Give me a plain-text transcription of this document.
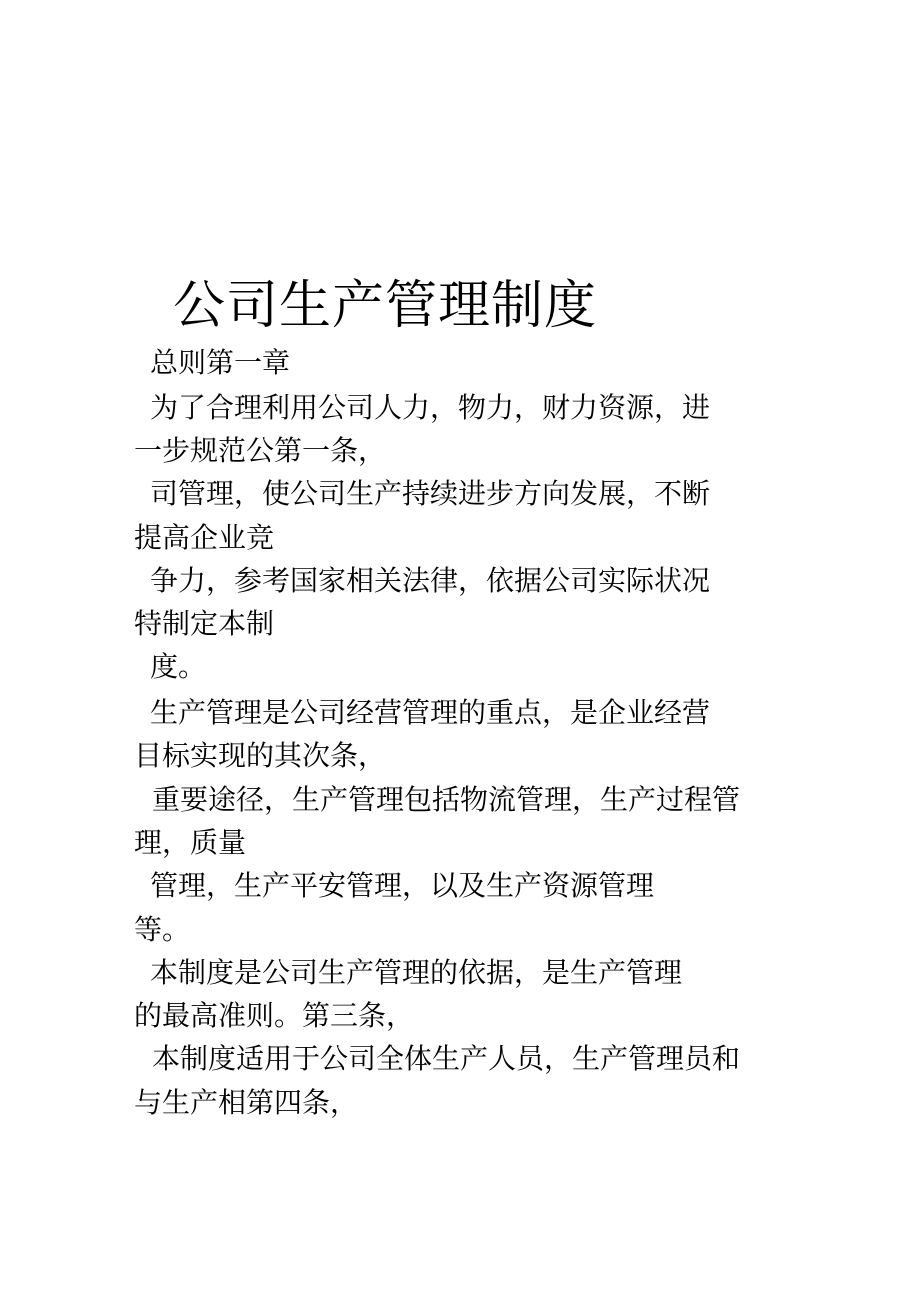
公司生产管理制度

总则第一章

为了合理利用公司人力，物力，财力资源，进

一步规范公第一条，

司管理，使公司生产持续进步方向发展，不断

提高企业竞

争力，参考国家相关法律，依据公司实际状况

特制定本制

度。

生产管理是公司经营管理的重点，是企业经营

目标实现的其次条，

重要途径，生产管理包括物流管理，生产过程管

理，质量

管理，生产平安管理，以及生产资源管理

等。

本制度是公司生产管理的依据，是生产管理

的最高准则。第三条，

本制度适用于公司全体生产人员，生产管理员和

与生产相第四条，
